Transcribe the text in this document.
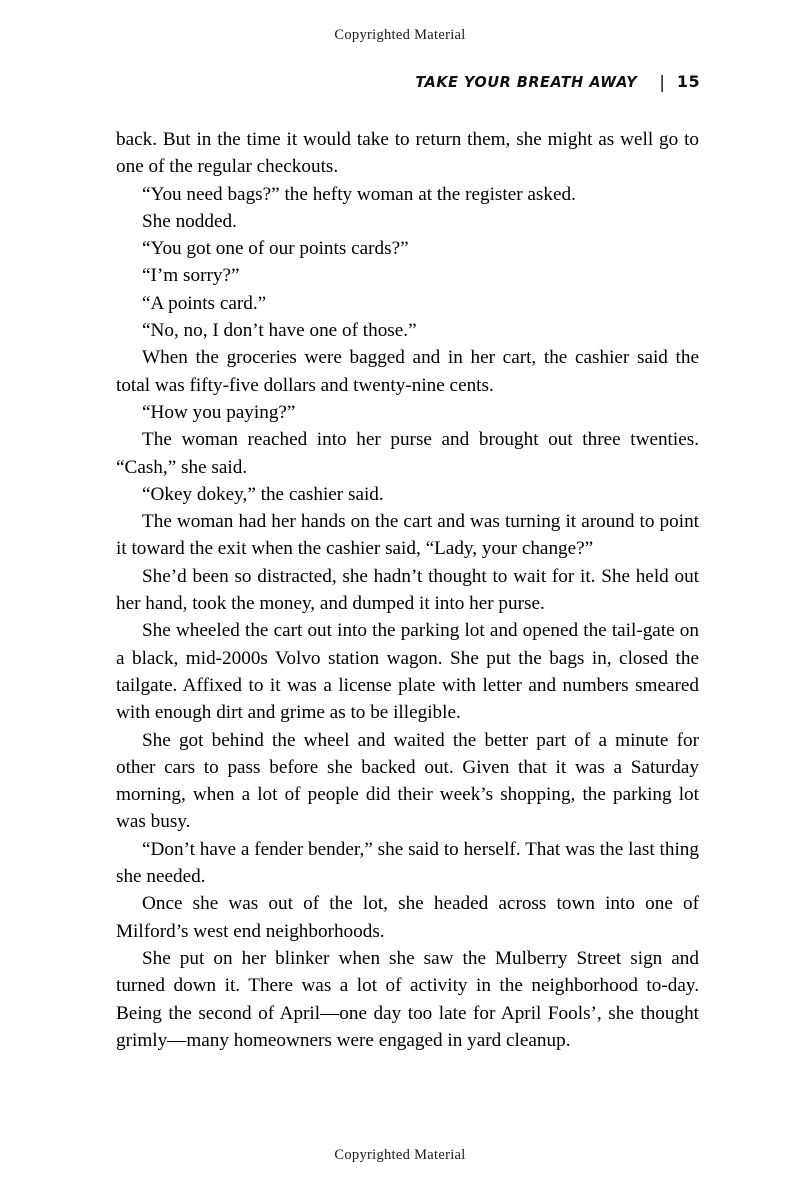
Copyrighted Material
TAKE YOUR BREATH AWAY | 15

back. But in the time it would take to return them, she might as well go to one of the regular checkouts.

“You need bags?” the hefty woman at the register asked.

She nodded.

“You got one of our points cards?”

“I’m sorry?”

“A points card.”

“No, no, I don’t have one of those.”

When the groceries were bagged and in her cart, the cashier said the total was fifty-five dollars and twenty-nine cents.

“How you paying?”

The woman reached into her purse and brought out three twenties. “Cash,” she said.

“Okey dokey,” the cashier said.

The woman had her hands on the cart and was turning it around to point it toward the exit when the cashier said, “Lady, your change?”

She’d been so distracted, she hadn’t thought to wait for it. She held out her hand, took the money, and dumped it into her purse.

She wheeled the cart out into the parking lot and opened the tail-gate on a black, mid-2000s Volvo station wagon. She put the bags in, closed the tailgate. Affixed to it was a license plate with letter and numbers smeared with enough dirt and grime as to be illegible.

She got behind the wheel and waited the better part of a minute for other cars to pass before she backed out. Given that it was a Saturday morning, when a lot of people did their week’s shopping, the parking lot was busy.

“Don’t have a fender bender,” she said to herself. That was the last thing she needed.

Once she was out of the lot, she headed across town into one of Milford’s west end neighborhoods.

She put on her blinker when she saw the Mulberry Street sign and turned down it. There was a lot of activity in the neighborhood to-day. Being the second of April—one day too late for April Fools’, she thought grimly—many homeowners were engaged in yard cleanup.

Copyrighted Material
